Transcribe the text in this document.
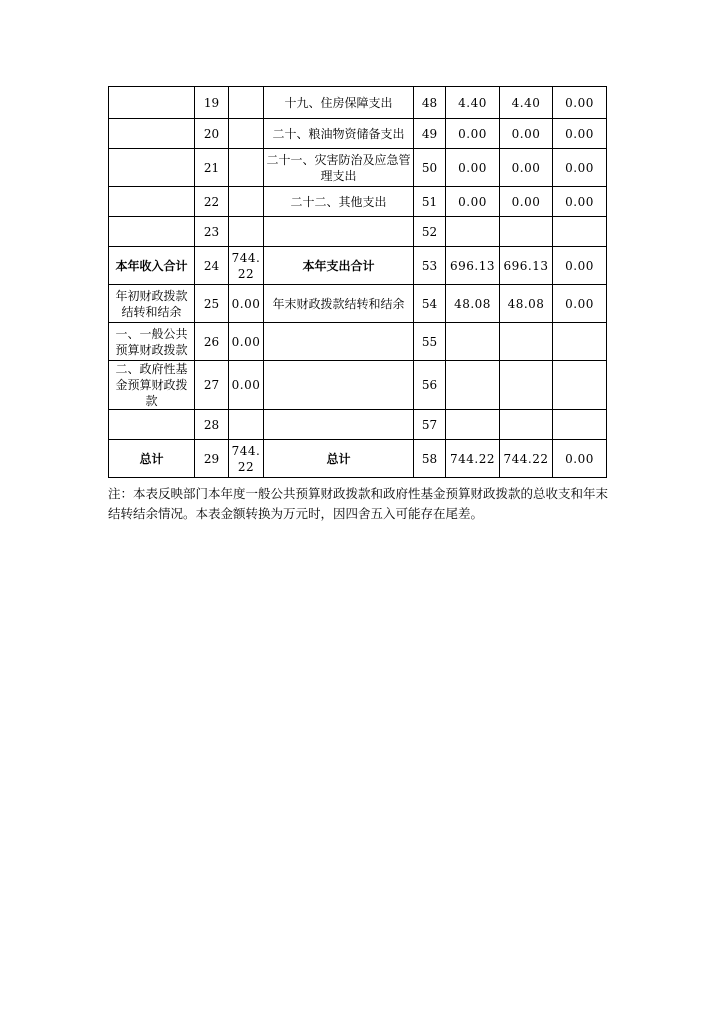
	19		十九、住房保障支出	48	4.40	4.40	0.00
	20		二十、粮油物资储备支出	49	0.00	0.00	0.00
	21		二十一、灾害防治及应急管理支出	50	0.00	0.00	0.00
	22		二十二、其他支出	51	0.00	0.00	0.00
	23			52			
本年收入合计	24	744.22	本年支出合计	53	696.13	696.13	0.00
年初财政拨款结转和结余	25	0.00	年末财政拨款结转和结余	54	48.08	48.08	0.00
一、一般公共预算财政拨款	26	0.00		55			
二、政府性基金预算财政拨款	27	0.00		56			
	28			57			
总计	29	744.22	总计	58	744.22	744.22	0.00
注：本表反映部门本年度一般公共预算财政拨款和政府性基金预算财政拨款的总收支和年末结转结余情况。本表金额转换为万元时，因四舍五入可能存在尾差。
